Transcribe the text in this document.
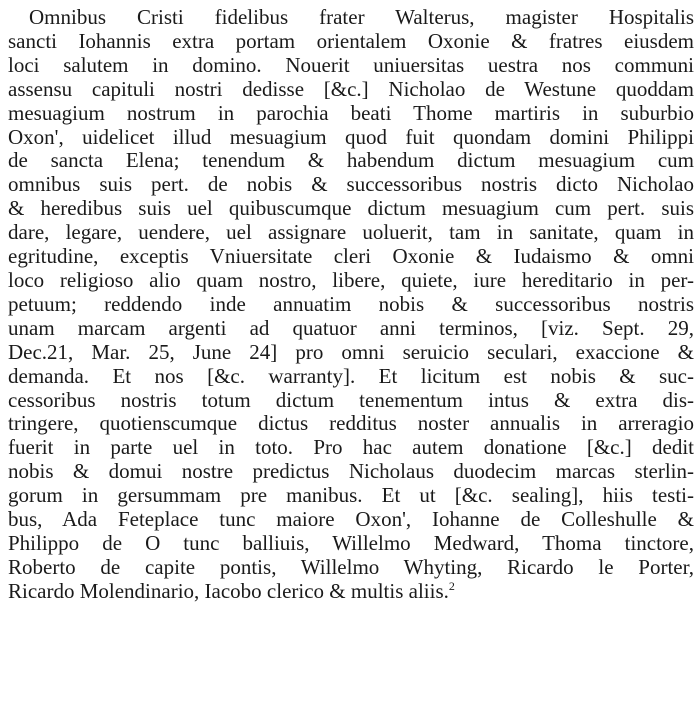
Omnibus Cristi fidelibus frater Walterus, magister Hospitalis
sancti Iohannis extra portam orientalem Oxonie & fratres eiusdem
loci salutem in domino. Nouerit uniuersitas uestra nos communi
assensu capituli nostri dedisse [&c.] Nicholao de Westune quoddam
mesuagium nostrum in parochia beati Thome martiris in suburbio
Oxon', uidelicet illud mesuagium quod fuit quondam domini Philippi
de sancta Elena; tenendum & habendum dictum mesuagium cum
omnibus suis pert. de nobis & successoribus nostris dicto Nicholao
& heredibus suis uel quibuscumque dictum mesuagium cum pert. suis
dare, legare, uendere, uel assignare uoluerit, tam in sanitate, quam in
egritudine, exceptis Vniuersitate cleri Oxonie & Iudaismo & omni
loco religioso alio quam nostro, libere, quiete, iure hereditario in per-
petuum; reddendo inde annuatim nobis & successoribus nostris
unam marcam argenti ad quatuor anni terminos, [viz. Sept. 29,
Dec.21, Mar. 25, June 24] pro omni seruicio seculari, exaccione &
demanda. Et nos [&c. warranty]. Et licitum est nobis & suc-
cessoribus nostris totum dictum tenementum intus & extra dis-
tringere, quotienscumque dictus redditus noster annualis in arreragio
fuerit in parte uel in toto. Pro hac autem donatione [&c.] dedit
nobis & domui nostre predictus Nicholaus duodecim marcas sterlin-
gorum in gersummam pre manibus. Et ut [&c. sealing], hiis testi-
bus, Ada Feteplace tunc maiore Oxon', Iohanne de Colleshulle &
Philippo de O tunc balliuis, Willelmo Medward, Thoma tinctore,
Roberto de capite pontis, Willelmo Whyting, Ricardo le Porter,
Ricardo Molendinario, Iacobo clerico & multis aliis.$^2$
